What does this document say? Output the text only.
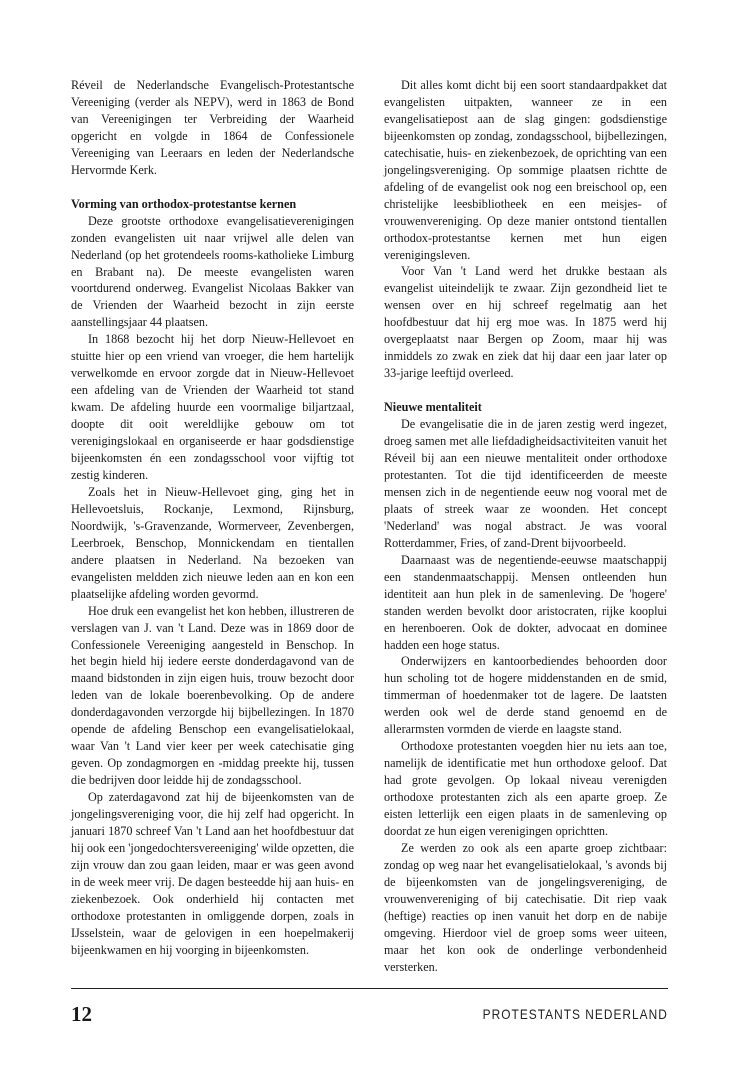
Réveil de Nederlandsche Evangelisch-Protestantsche Vereeniging (verder als NEPV), werd in 1863 de Bond van Vereenigingen ter Verbreiding der Waarheid opgericht en volgde in 1864 de Confessionele Vereeniging van Leeraars en leden der Nederlandsche Hervormde Kerk.

Vorming van orthodox-protestantse kernen

Deze grootste orthodoxe evangelisatieverenigingen zonden evangelisten uit naar vrijwel alle delen van Nederland (op het grotendeels rooms-katholieke Limburg en Brabant na). De meeste evangelisten waren voortdurend onderweg. Evangelist Nicolaas Bakker van de Vrienden der Waarheid bezocht in zijn eerste aanstellingsjaar 44 plaatsen.

In 1868 bezocht hij het dorp Nieuw-Hellevoet en stuitte hier op een vriend van vroeger, die hem hartelijk verwelkomde en ervoor zorgde dat in Nieuw-Hellevoet een afdeling van de Vrienden der Waarheid tot stand kwam. De afdeling huurde een voormalige biljartzaal, doopte dit ooit wereldlijke gebouw om tot verenigingslokaal en organiseerde er haar godsdienstige bijeenkomsten én een zondagsschool voor vijftig tot zestig kinderen.

Zoals het in Nieuw-Hellevoet ging, ging het in Hellevoetsluis, Rockanje, Lexmond, Rijnsburg, Noordwijk, 's-Gravenzande, Wormerveer, Zevenbergen, Leerbroek, Benschop, Monnickendam en tientallen andere plaatsen in Nederland. Na bezoeken van evangelisten meldden zich nieuwe leden aan en kon een plaatselijke afdeling worden gevormd.

Hoe druk een evangelist het kon hebben, illustreren de verslagen van J. van 't Land. Deze was in 1869 door de Confessionele Vereeniging aangesteld in Benschop. In het begin hield hij iedere eerste donderdagavond van de maand bidstonden in zijn eigen huis, trouw bezocht door leden van de lokale boerenbevolking. Op de andere donderdagavonden verzorgde hij bijbellezingen. In 1870 opende de afdeling Benschop een evangelisatielokaal, waar Van 't Land vier keer per week catechisatie ging geven. Op zondagmorgen en -middag preekte hij, tussen die bedrijven door leidde hij de zondagsschool.

Op zaterdagavond zat hij de bijeenkomsten van de jongelingsvereniging voor, die hij zelf had opgericht. In januari 1870 schreef Van 't Land aan het hoofdbestuur dat hij ook een 'jongedochtersvereeniging' wilde opzetten, die zijn vrouw dan zou gaan leiden, maar er was geen avond in de week meer vrij. De dagen besteedde hij aan huis- en ziekenbezoek. Ook onderhield hij contacten met orthodoxe protestanten in omliggende dorpen, zoals in IJsselstein, waar de gelovigen in een hoepelmakerij bijeenkwamen en hij voorging in bijeenkomsten.

Dit alles komt dicht bij een soort standaardpakket dat evangelisten uitpakten, wanneer ze in een evangelisatiepost aan de slag gingen: godsdienstige bijeenkomsten op zondag, zondagsschool, bijbellezingen, catechisatie, huis- en ziekenbezoek, de oprichting van een jongelingsvereniging. Op sommige plaatsen richtte de afdeling of de evangelist ook nog een breischool op, een christelijke leesbibliotheek en een meisjes- of vrouwenvereniging. Op deze manier ontstond tientallen orthodox-protestantse kernen met hun eigen verenigingsleven.

Voor Van 't Land werd het drukke bestaan als evangelist uiteindelijk te zwaar. Zijn gezondheid liet te wensen over en hij schreef regelmatig aan het hoofdbestuur dat hij erg moe was. In 1875 werd hij overgeplaatst naar Bergen op Zoom, maar hij was inmiddels zo zwak en ziek dat hij daar een jaar later op 33-jarige leeftijd overleed.

Nieuwe mentaliteit

De evangelisatie die in de jaren zestig werd ingezet, droeg samen met alle liefdadigheidsactiviteiten vanuit het Réveil bij aan een nieuwe mentaliteit onder orthodoxe protestanten. Tot die tijd identificeerden de meeste mensen zich in de negentiende eeuw nog vooral met de plaats of streek waar ze woonden. Het concept 'Nederland' was nogal abstract. Je was vooral Rotterdammer, Fries, of zand-Drent bijvoorbeeld.

Daarnaast was de negentiende-eeuwse maatschappij een standenmaatschappij. Mensen ontleenden hun identiteit aan hun plek in de samenleving. De 'hogere' standen werden bevolkt door aristocraten, rijke kooplui en herenboeren. Ook de dokter, advocaat en dominee hadden een hoge status.

Onderwijzers en kantoorbediendes behoorden door hun scholing tot de hogere middenstanden en de smid, timmerman of hoedenmaker tot de lagere. De laatsten werden ook wel de derde stand genoemd en de allerarmsten vormden de vierde en laagste stand.

Orthodoxe protestanten voegden hier nu iets aan toe, namelijk de identificatie met hun orthodoxe geloof. Dat had grote gevolgen. Op lokaal niveau verenigden orthodoxe protestanten zich als een aparte groep. Ze eisten letterlijk een eigen plaats in de samenleving op doordat ze hun eigen verenigingen oprichtten.

Ze werden zo ook als een aparte groep zichtbaar: zondag op weg naar het evangelisatielokaal, 's avonds bij de bijeenkomsten van de jongelingsvereniging, de vrouwenvereniging of bij catechisatie. Dit riep vaak (heftige) reacties op inen vanuit het dorp en de nabije omgeving. Hierdoor viel de groep soms weer uiteen, maar het kon ook de onderlinge verbondenheid versterken.

12	PROTESTANTS NEDERLAND
